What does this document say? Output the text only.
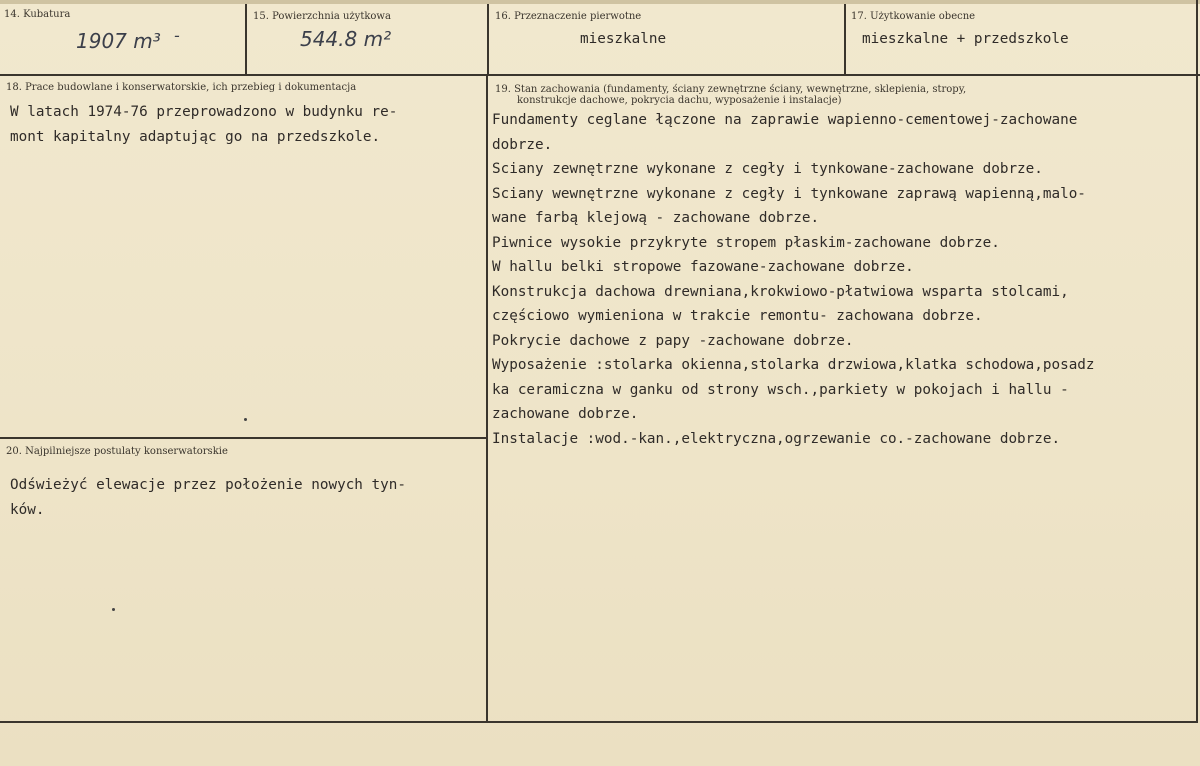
14. Kubatura
1907 m³ -
15. Powierzchnia użytkowa
544.8 m²
16. Przeznaczenie pierwotne
mieszkalne
17. Użytkowanie obecne
mieszkalne + przedszkole
18. Prace budowlane i konserwatorskie, ich przebieg i dokumentacja
W latach 1974-76 przeprowadzono w budynku re-
mont kapitalny adaptując go na przedszkole.
19. Stan zachowania (fundamenty, ściany zewnętrzne ściany, wewnętrzne, sklepienia, stropy,
konstrukcje dachowe, pokrycia dachu, wyposażenie i instalacje)
Fundamenty ceglane łączone na zaprawie wapienno-cementowej-zachowane
dobrze.
Sciany zewnętrzne wykonane z cegły i tynkowane-zachowane dobrze.
Sciany wewnętrzne wykonane z cegły i tynkowane zaprawą wapienną,malo-
wane farbą klejową - zachowane dobrze.
Piwnice wysokie przykryte stropem płaskim-zachowane dobrze.
W hallu belki stropowe fazowane-zachowane dobrze.
Konstrukcja dachowa drewniana,krokwiowo-płatwiowa wsparta stolcami,
częściowo wymieniona w trakcie remontu- zachowana dobrze.
Pokrycie dachowe z papy -zachowane dobrze.
Wyposażenie :stolarka okienna,stolarka drzwiowa,klatka schodowa,posadz
ka ceramiczna w ganku od strony wsch.,parkiety w pokojach i hallu -
zachowane dobrze.
Instalacje :wod.-kan.,elektryczna,ogrzewanie co.-zachowane dobrze.
20. Najpilniejsze postulaty konserwatorskie
Odświeżyć elewacje przez położenie nowych tyn-
ków.
